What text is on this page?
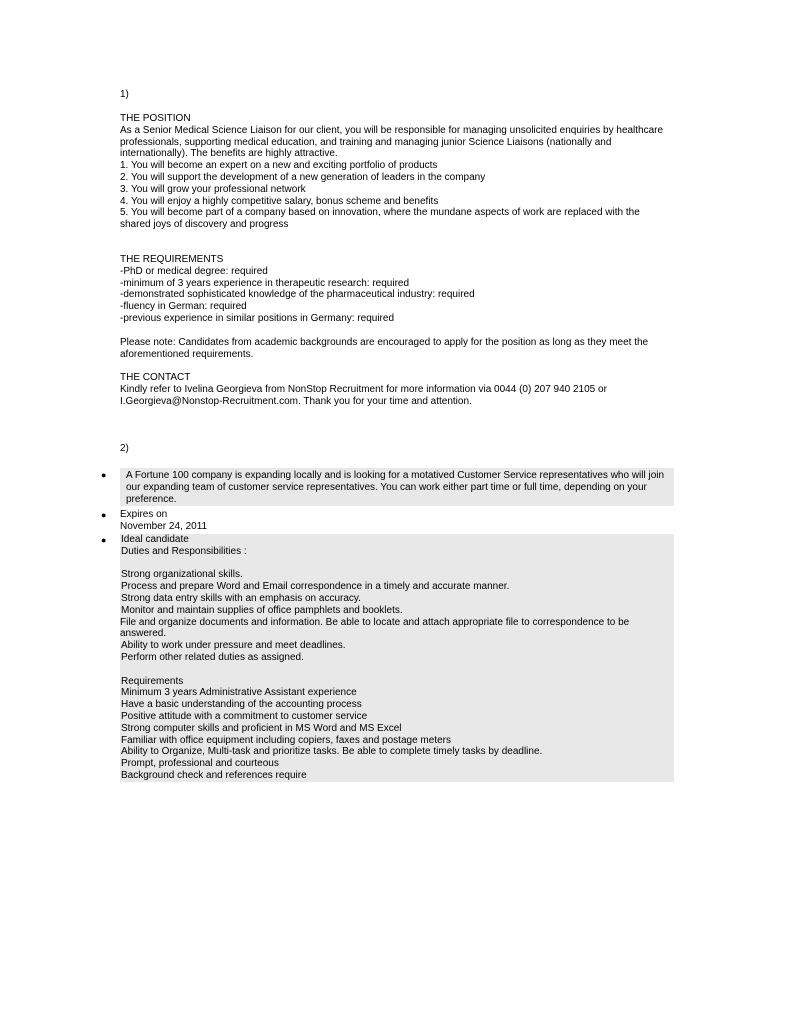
1)
THE POSITION
As a Senior Medical Science Liaison for our client, you will be responsible for managing unsolicited enquiries by healthcare professionals, supporting medical education, and training and managing junior Science Liaisons (nationally and internationally). The benefits are highly attractive.
1. You will become an expert on a new and exciting portfolio of products
2. You will support the development of a new generation of leaders in the company
3. You will grow your professional network
4. You will enjoy a highly competitive salary, bonus scheme and benefits
5. You will become part of a company based on innovation, where the mundane aspects of work are replaced with the shared joys of discovery and progress
THE REQUIREMENTS
-PhD or medical degree: required
-minimum of 3 years experience in therapeutic research: required
-demonstrated sophisticated knowledge of the pharmaceutical industry: required
-fluency in German: required
-previous experience in similar positions in Germany: required
Please note: Candidates from academic backgrounds are encouraged to apply for the position as long as they meet the aforementioned requirements.
THE CONTACT
Kindly refer to Ivelina Georgieva from NonStop Recruitment for more information via 0044 (0) 207 940 2105 or I.Georgieva@Nonstop-Recruitment.com. Thank you for your time and attention.
2)
● A Fortune 100 company is expanding locally and is looking for a motatived Customer Service representatives who will join our expanding team of customer service representatives. You can work either part time or full time, depending on your preference.
● Expires on
November 24, 2011
● Ideal candidate
Duties and Responsibilities :
Strong organizational skills.
Process and prepare Word and Email correspondence in a timely and accurate manner.
Strong data entry skills with an emphasis on accuracy.
Monitor and maintain supplies of office pamphlets and booklets.
File and organize documents and information. Be able to locate and attach appropriate file to correspondence to be answered.
Ability to work under pressure and meet deadlines.
Perform other related duties as assigned.
Requirements
Minimum 3 years Administrative Assistant experience
Have a basic understanding of the accounting process
Positive attitude with a commitment to customer service
Strong computer skills and proficient in MS Word and MS Excel
Familiar with office equipment including copiers, faxes and postage meters
Ability to Organize, Multi-task and prioritize tasks. Be able to complete timely tasks by deadline.
Prompt, professional and courteous
Background check and references require
